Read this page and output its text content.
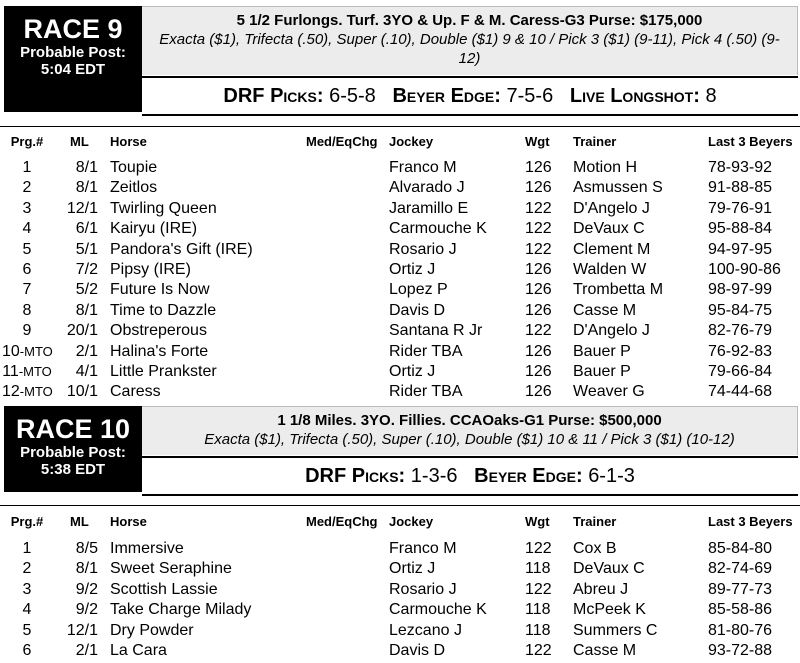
RACE 9
Probable Post:
5:04 EDT
5 1/2 Furlongs. Turf. 3YO & Up. F & M. Caress-G3 Purse: $175,000
Exacta ($1), Trifecta (.50), Super (.10), Double ($1) 9 & 10 / Pick 3 ($1) (9-11), Pick 4 (.50) (9-12)
DRF Picks: 6-5-8 Beyer Edge: 7-5-6 Live Longshot: 8
Prg.#	ML Horse	Med/EqChg Jockey	Wgt Trainer	Last 3 Beyers
1	8/1 Toupie	Franco M	126 Motion H	78-93-92
2	8/1 Zeitlos	Alvarado J	126 Asmussen S	91-88-85
3	12/1 Twirling Queen	Jaramillo E	122 D'Angelo J	79-76-91
4	6/1 Kairyu (IRE)	Carmouche K 122 DeVaux C	95-88-84
5	5/1 Pandora's Gift (IRE)	Rosario J	122 Clement M	94-97-95
6	7/2 Pipsy (IRE)	Ortiz J	126 Walden W	100-90-86
7	5/2 Future Is Now	Lopez P	126 Trombetta M	98-97-99
8	8/1 Time to Dazzle	Davis D	126 Casse M	95-84-75
9	20/1 Obstreperous	Santana R Jr	122 D'Angelo J	82-76-79
10-MTO	2/1 Halina's Forte	Rider TBA	126 Bauer P	76-92-83
11-MTO	4/1 Little Prankster	Ortiz J	126 Bauer P	79-66-84
12-MTO 10/1 Caress	Rider TBA	126 Weaver G	74-44-68
RACE 10
Probable Post:
5:38 EDT
1 1/8 Miles. 3YO. Fillies. CCAOaks-G1 Purse: $500,000
Exacta ($1), Trifecta (.50), Super (.10), Double ($1) 10 & 11 / Pick 3 ($1) (10-12)
DRF Picks: 1-3-6 Beyer Edge: 6-1-3
Prg.#	ML Horse	Med/EqChg Jockey	Wgt Trainer	Last 3 Beyers
1	8/5 Immersive	Franco M	122 Cox B	85-84-80
2	8/1 Sweet Seraphine	Ortiz J	118 DeVaux C	82-74-69
3	9/2 Scottish Lassie	Rosario J	122 Abreu J	89-77-73
4	9/2 Take Charge Milady	Carmouche K 118 McPeek K	85-58-86
5	12/1 Dry Powder	Lezcano J	118 Summers C	81-80-76
6	2/1 La Cara	Davis D	122 Casse M	93-72-88
